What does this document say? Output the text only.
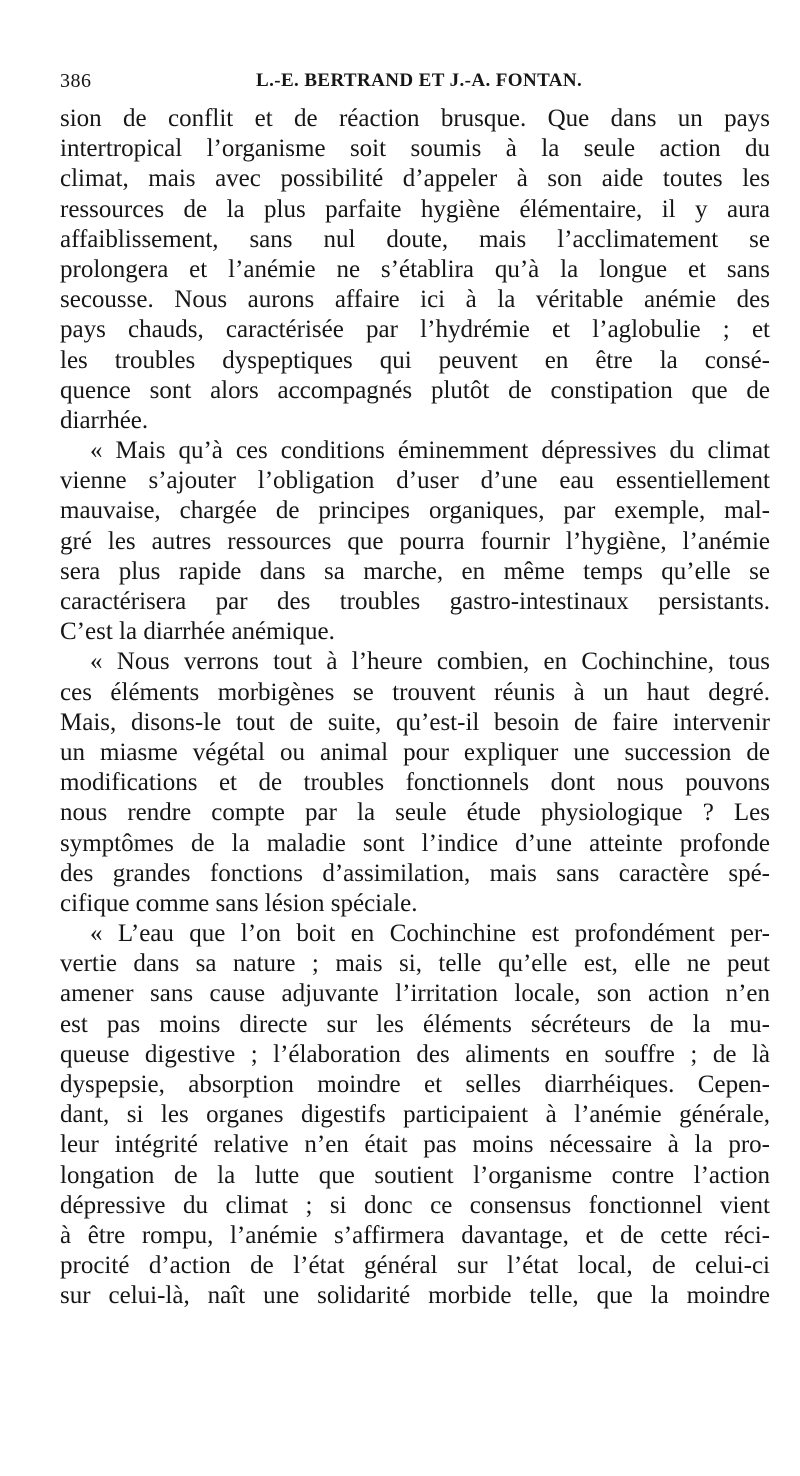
386	L.-E. BERTRAND ET J.-A. FONTAN.
sion de conflit et de réaction brusque. Que dans un pays
intertropical l’organisme soit soumis à la seule action du
climat, mais avec possibilité d’appeler à son aide toutes les
ressources de la plus parfaite hygiène élémentaire, il y aura
affaiblissement, sans nul doute, mais l’acclimatement se
prolongera et l’anémie ne s’établira qu’à la longue et sans
secousse. Nous aurons affaire ici à la véritable anémie des
pays chauds, caractérisée par l’hydrémie et l’aglobulie ; et
les troubles dyspeptiques qui peuvent en être la consé-
quence sont alors accompagnés plutôt de constipation que de
diarrhée.
« Mais qu’à ces conditions éminemment dépressives du climat
vienne s’ajouter l’obligation d’user d’une eau essentiellement
mauvaise, chargée de principes organiques, par exemple, mal-
gré les autres ressources que pourra fournir l’hygiène, l’anémie
sera plus rapide dans sa marche, en même temps qu’elle se
caractérisera par des troubles gastro-intestinaux persistants.
C’est la diarrhée anémique.
« Nous verrons tout à l’heure combien, en Cochinchine, tous
ces éléments morbigènes se trouvent réunis à un haut degré.
Mais, disons-le tout de suite, qu’est-il besoin de faire intervenir
un miasme végétal ou animal pour expliquer une succession de
modifications et de troubles fonctionnels dont nous pouvons
nous rendre compte par la seule étude physiologique ? Les
symptômes de la maladie sont l’indice d’une atteinte profonde
des grandes fonctions d’assimilation, mais sans caractère spé-
cifique comme sans lésion spéciale.
« L’eau que l’on boit en Cochinchine est profondément per-
vertie dans sa nature ; mais si, telle qu’elle est, elle ne peut
amener sans cause adjuvante l’irritation locale, son action n’en
est pas moins directe sur les éléments sécréteurs de la mu-
queuse digestive ; l’élaboration des aliments en souffre ; de là
dyspepsie, absorption moindre et selles diarrhéiques. Cepen-
dant, si les organes digestifs participaient à l’anémie générale,
leur intégrité relative n’en était pas moins nécessaire à la pro-
longation de la lutte que soutient l’organisme contre l’action
dépressive du climat ; si donc ce consensus fonctionnel vient
à être rompu, l’anémie s’affirmera davantage, et de cette réci-
procité d’action de l’état général sur l’état local, de celui-ci
sur celui-là, naît une solidarité morbide telle, que la moindre
